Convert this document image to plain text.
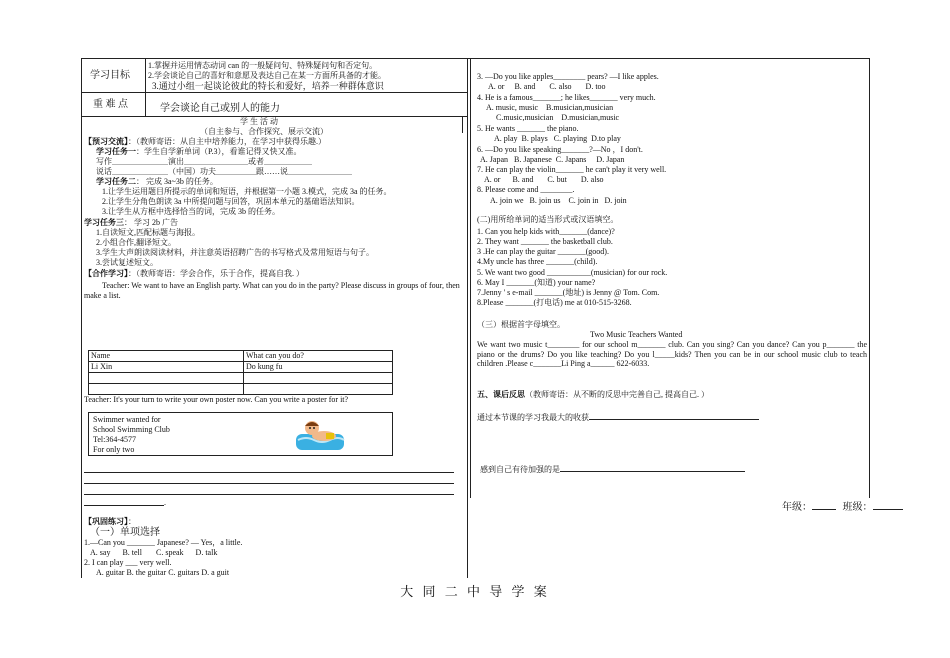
学习目标
1.掌握并运用情态动词 can 的一般疑问句、特殊疑问句和否定句。
2.学会谈论自己的喜好和意愿及表达自己在某一方面所具备的才能。
3.通过小组一起谈论彼此的特长和爱好，培养一种群体意识
重 难 点	学会谈论自己或别人的能力
学 生 活 动
（自主参与、合作探究、展示交流）
【预习交流】：（教师寄语：从自主中培养能力，在学习中获得乐趣.）
学习任务一：学生自学新单词（P.3），看谁记得又快又准。
写作＿＿＿＿＿＿＿演出＿＿＿＿＿＿＿＿或者＿＿＿＿＿＿
说话＿＿＿＿＿＿＿（中国）功夫＿＿＿＿＿跟……说＿＿＿＿＿＿＿＿
学习任务二： 完成 3a~3b 的任务。
1.让学生运用题目所提示的单词和短语，并根据第一小题 3.模式，完成 3a 的任务。
2.让学生分角色朗读 3a 中所提问题与回答，巩固本单元的基础语法知识。
3.让学生从方框中选择恰当的词，完成 3b 的任务。
学习任务三： 学习 2b 广告
1.自读短文,匹配标题与海报。
2.小组合作,翻译短文。
3.学生大声朗读阅读材料，并注意英语招聘广告的书写格式及常用短语与句子。
3.尝试复述短文。
【合作学习】：（教师寄语：学会合作，乐于合作，提高自我. ）
Teacher: We want to have an English party. What can you do in the party? Please discuss in groups of four, then make a list.
Name	What can you do?
Li Xin	Do kung fu

Teacher: It's your turn to write your own poster now. Can you write a poster for it?
Swimmer wanted for
School Swimming Club
Tel:364-4577
For only two
.
【巩固练习】：
（一）单项选择
1.—Can you _______ Japanese? — Yes，a little.
A. say      B. tell       C. speak      D. talk
2. I can play ___ very well.
A. guitar B. the guitar C. guitars D. a guit
3. —Do you like apples________ pears? —I like apples.
A. or     B. and       C. also       D. too
4. He is a famous_______; he likes_______ very much.
A. music, music    B.musician,musician
C.music,musician    D.musician,music
5. He wants _______ the piano.
A. play  B. plays   C. playing  D.to play
6. —Do you like speaking_______?—No ，I don't.
A. Japan   B. Japanese  C. Japans     D. Japan
7. He can play the violin_______ he can't play it very well.
A. or      B. and       C. but       D. also
8. Please come and ________.
A. join we   B. join us    C. join in   D. join
(二)用所给单词的适当形式或汉语填空。
1. Can you help kids with_______(dance)?
2. They want _______ the basketball club.
3 .He can play the guitar _______(good).
4.My uncle has three _______(child).
5. We want two good ___________(musician) for our rock.
6. May I _______(知道) your name?
7.Jenny ' s e-mail _______(地址) is Jenny @ Tom. Com.
8.Please _______(打电话) me at 010-515-3268.
（三）根据首字母填空。
Two Music Teachers Wanted
We want two music t________ for our school m_______ club. Can you sing? Can you dance? Can you p_______ the piano or the drums? Do you like teaching? Do you l_____kids? Then you can be in our school music club to teach children .Please c_______Li Ping a______ 622-6033.
五、课后反思（教师寄语：从不断的反思中完善自己, 提高自己. ）
通过本节课的学习我最大的收获
感到自己有待加强的是
年级：	班级：
大 同 二 中 导 学 案
